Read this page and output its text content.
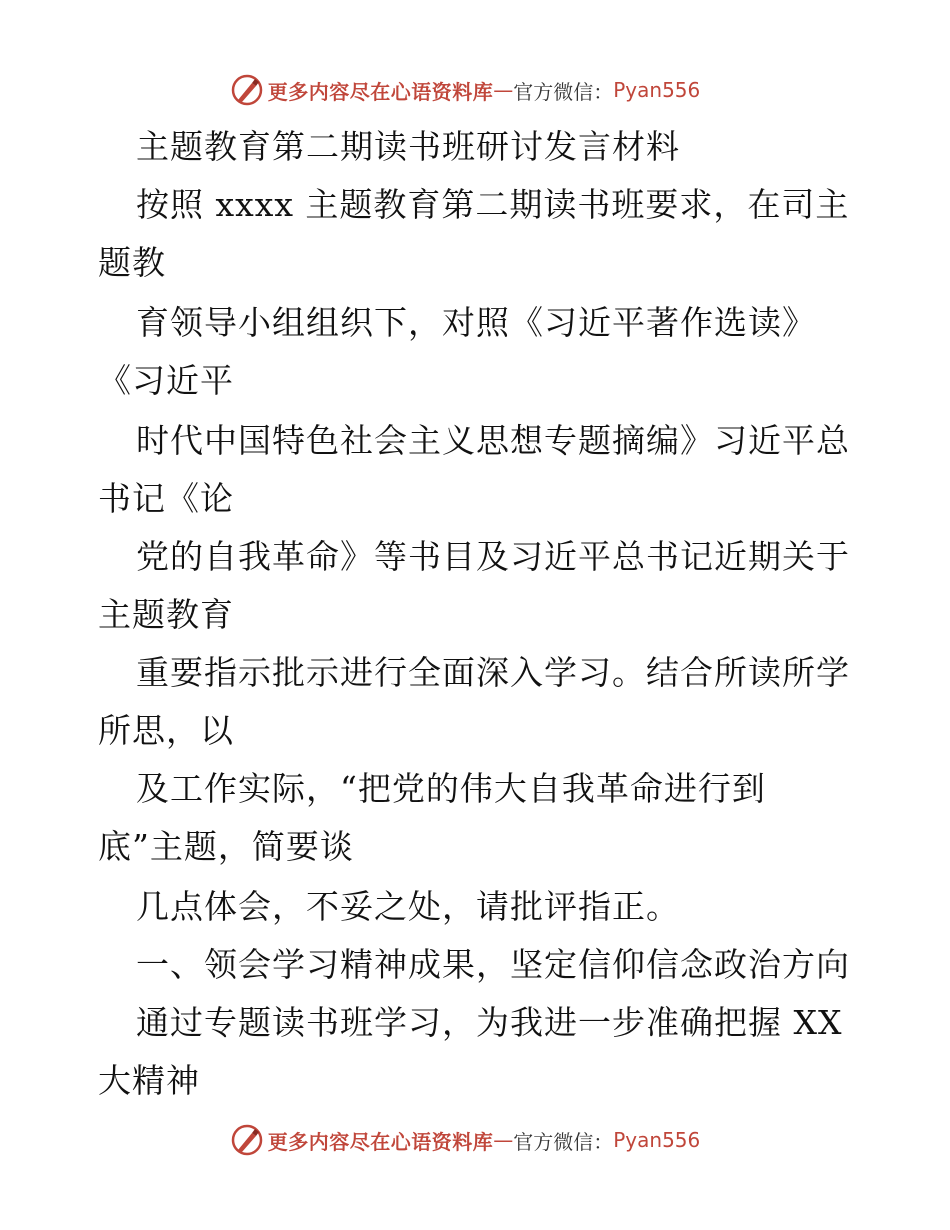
更多内容尽在心语资料库 — 官方微信： Pyan556
主题教育第二期读书班研讨发言材料
按照 xxxx 主题教育第二期读书班要求，在司主
题教
育领导小组组织下，对照《习近平著作选读》
《习近平
时代中国特色社会主义思想专题摘编》习近平总
书记《论
党的自我革命》等书目及习近平总书记近期关于
主题教育
重要指示批示进行全面深入学习。结合所读所学
所思，以
及工作实际，“把党的伟大自我革命进行到
底”主题，简要谈
几点体会，不妥之处，请批评指正。
一、领会学习精神成果，坚定信仰信念政治方向
通过专题读书班学习，为我进一步准确把握 XX
大精神
更多内容尽在心语资料库 — 官方微信： Pyan556
